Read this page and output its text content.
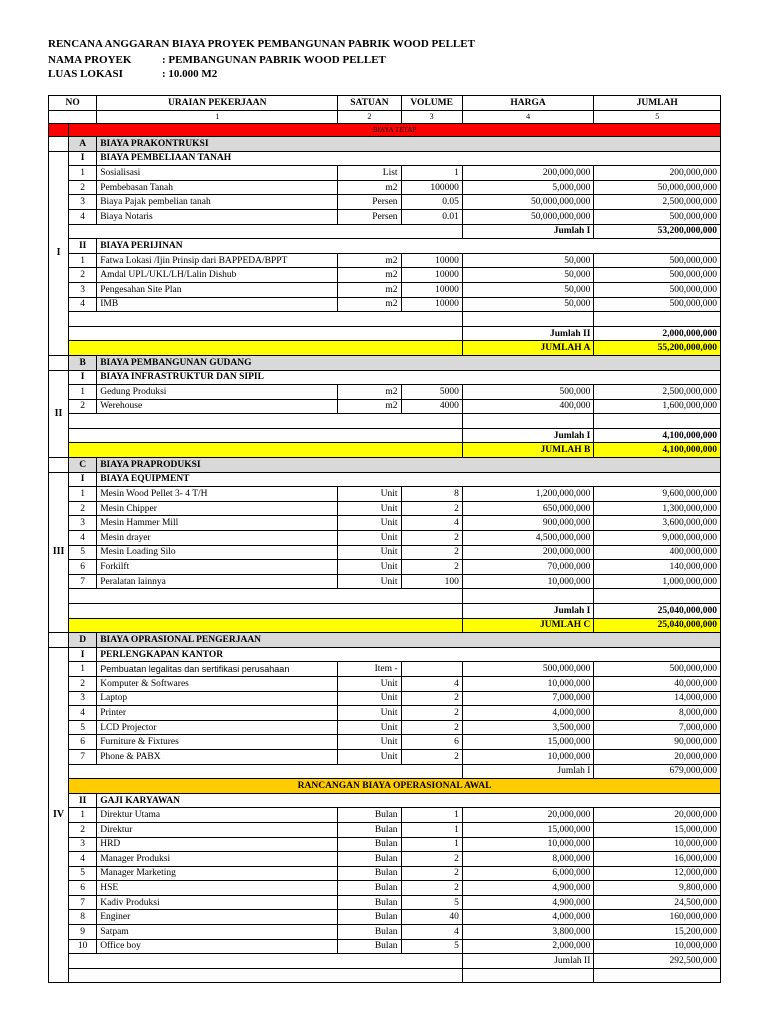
RENCANA ANGGARAN BIAYA PROYEK PEMBANGUNAN PABRIK WOOD PELLET
NAMA PROYEK	: PEMBANGUNAN PABRIK WOOD PELLET
LUAS LOKASI	: 10.000 M2
NO		URAIAN PEKERJAAN	SATUAN	VOLUME	HARGA	JUMLAH
		1	2	3	4	5
	BIAYA TETAP					
	A	BIAYA PRAKONTRUKSI				
I	I	BIAYA PEMBELIAAN TANAH				
	1	Sosialisasi	List	1	200,000,000	200,000,000
	2	Pembebasan Tanah	m2	100000	5,000,000	50,000,000,000
	3	Biaya Pajak pembelian tanah	Persen	0.05	50,000,000,000	2,500,000,000
	4	Biaya Notaris	Persen	0.01	50,000,000,000	500,000,000
					Jumlah I	53,200,000,000
	II	BIAYA PERIJINAN				
	1	Fatwa Lokasi /Ijin Prinsip dari BAPPEDA/BPPT	m2	10000	50,000	500,000,000
	2	Amdal UPL/UKL/LH/Lalin Dishub	m2	10000	50,000	500,000,000
	3	Pengesahan Site Plan	m2	10000	50,000	500,000,000
	4	IMB	m2	10000	50,000	500,000,000

					Jumlah II	2,000,000,000
					JUMLAH A	55,200,000,000
	B	BIAYA PEMBANGUNAN GUDANG				
II	I	BIAYA INFRASTRUKTUR DAN SIPIL				
	1	Gedung Produksi	m2	5000	500,000	2,500,000,000
	2	Werehouse	m2	4000	400,000	1,600,000,000

					Jumlah I	4,100,000,000
					JUMLAH B	4,100,000,000
	C	BIAYA PRAPRODUKSI				
III	I	BIAYA EQUIPMENT				
	1	Mesin Wood Pellet 3- 4 T/H	Unit	8	1,200,000,000	9,600,000,000
	2	Mesin Chipper	Unit	2	650,000,000	1,300,000,000
	3	Mesin Hammer Mill	Unit	4	900,000,000	3,600,000,000
	4	Mesin drayer	Unit	2	4,500,000,000	9,000,000,000
	5	Mesin Loading Silo	Unit	2	200,000,000	400,000,000
	6	Forkilft	Unit	2	70,000,000	140,000,000
	7	Peralatan lainnya	Unit	100	10,000,000	1,000,000,000

					Jumlah I	25,040,000,000
					JUMLAH C	25,040,000,000
	D	BIAYA OPRASIONAL PENGERJAAN				
IV	I	PERLENGKAPAN KANTOR				
	1	Pembuatan legalitas dan sertifikasi perusahaan	Item -		500,000,000	500,000,000
	2	Komputer & Softwares	Unit	4	10,000,000	40,000,000
	3	Laptop	Unit	2	7,000,000	14,000,000
	4	Printer	Unit	2	4,000,000	8,000,000
	5	LCD Projector	Unit	2	3,500,000	7,000,000
	6	Furniture & Fixtures	Unit	6	15,000,000	90,000,000
	7	Phone & PABX	Unit	2	10,000,000	20,000,000
					Jumlah I	679,000,000
	RANCANGAN BIAYA OPERASIONAL AWAL					
	II	GAJI KARYAWAN				
	1	Direktur Utama	Bulan	1	20,000,000	20,000,000
	2	Direktur	Bulan	1	15,000,000	15,000,000
	3	HRD	Bulan	1	10,000,000	10,000,000
	4	Manager Produksi	Bulan	2	8,000,000	16,000,000
	5	Manager Marketing	Bulan	2	6,000,000	12,000,000
	6	HSE	Bulan	2	4,900,000	9,800,000
	7	Kadiv Produksi	Bulan	5	4,900,000	24,500,000
	8	Enginer	Bulan	40	4,000,000	160,000,000
	9	Satpam	Bulan	4	3,800,000	15,200,000
	10	Office boy	Bulan	5	2,000,000	10,000,000
					Jumlah II	292,500,000
